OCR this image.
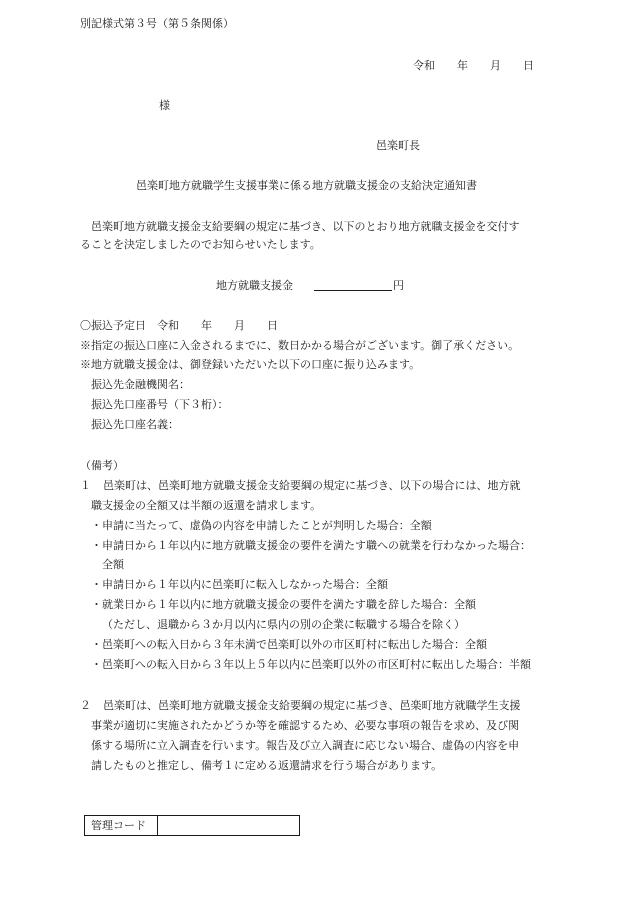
別記様式第３号（第５条関係）
令和　　年　　月　　日
様
邑楽町長
邑楽町地方就職学生支援事業に係る地方就職支援金の支給決定通知書
邑楽町地方就職支援金支給要綱の規定に基づき、以下のとおり地方就職支援金を交付す
ることを決定しましたのでお知らせいたします。
地方就職支援金	円
〇振込予定日　令和　　年　　月　　日
※指定の振込口座に入金されるまでに、数日かかる場合がございます。御了承ください。
※地方就職支援金は、御登録いただいた以下の口座に振り込みます。
振込先金融機関名：
振込先口座番号（下３桁）：
振込先口座名義：
（備考）
１ 邑楽町は、邑楽町地方就職支援金支給要綱の規定に基づき、以下の場合には、地方就
職支援金の全額又は半額の返還を請求します。
・申請に当たって、虚偽の内容を申請したことが判明した場合：全額
・申請日から１年以内に地方就職支援金の要件を満たす職への就業を行わなかった場合：
全額
・申請日から１年以内に邑楽町に転入しなかった場合：全額
・就業日から１年以内に地方就職支援金の要件を満たす職を辞した場合：全額
（ただし、退職から３か月以内に県内の別の企業に転職する場合を除く）
・邑楽町への転入日から３年未満で邑楽町以外の市区町村に転出した場合：全額
・邑楽町への転入日から３年以上５年以内に邑楽町以外の市区町村に転出した場合：半額
２ 邑楽町は、邑楽町地方就職支援金支給要綱の規定に基づき、邑楽町地方就職学生支援
事業が適切に実施されたかどうか等を確認するため、必要な事項の報告を求め、及び関
係する場所に立入調査を行います。報告及び立入調査に応じない場合、虚偽の内容を申
請したものと推定し、備考１に定める返還請求を行う場合があります。
管理コード
